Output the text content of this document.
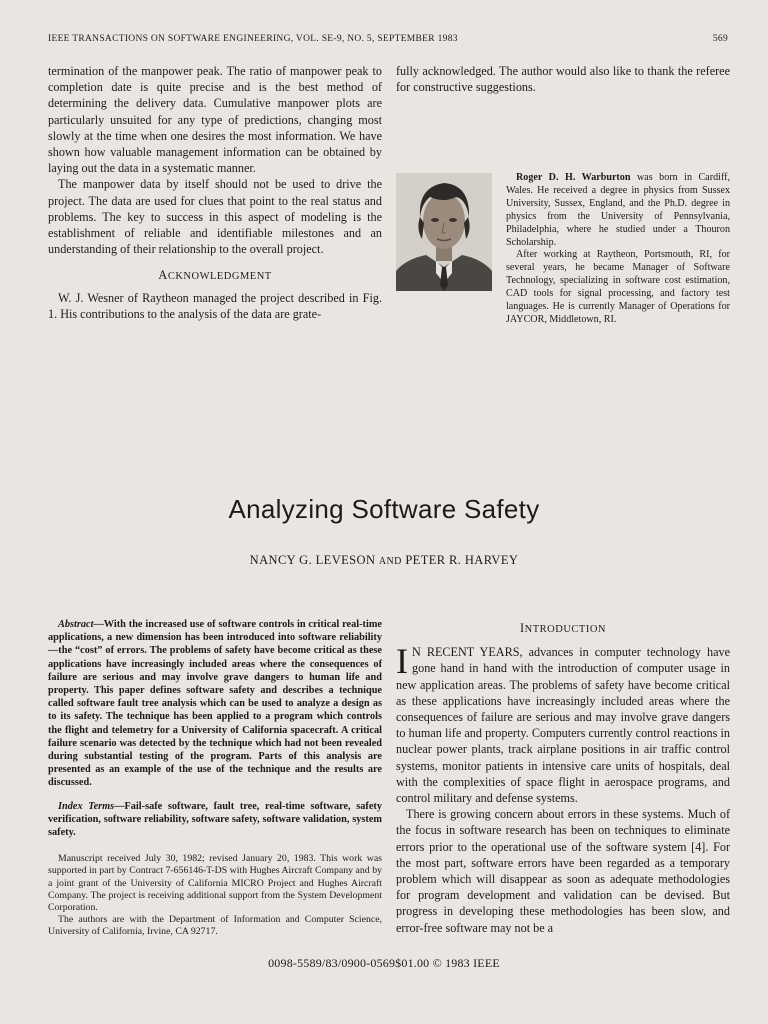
IEEE TRANSACTIONS ON SOFTWARE ENGINEERING, VOL. SE-9, NO. 5, SEPTEMBER 1983	569

termination of the manpower peak. The ratio of manpower peak to completion date is quite precise and is the best method of determining the delivery data. Cumulative manpower plots are particularly unsuited for any type of predictions, changing most slowly at the time when one desires the most information. We have shown how valuable management information can be obtained by laying out the data in a systematic manner.

The manpower data by itself should not be used to drive the project. The data are used for clues that point to the real status and problems. The key to success in this aspect of modeling is the establishment of reliable and identifiable milestones and an understanding of their relationship to the overall project.

ACKNOWLEDGMENT

W. J. Wesner of Raytheon managed the project described in Fig. 1. His contributions to the analysis of the data are grate-

fully acknowledged. The author would also like to thank the referee for constructive suggestions.

Roger D. H. Warburton was born in Cardiff, Wales. He received a degree in physics from Sussex University, Sussex, England, and the Ph.D. degree in physics from the University of Pennsylvania, Philadelphia, where he studied under a Thouron Scholarship.

After working at Raytheon, Portsmouth, RI, for several years, he became Manager of Software Technology, specializing in software cost estimation, CAD tools for signal processing, and factory test languages. He is currently Manager of Operations for JAYCOR, Middletown, RI.

Analyzing Software Safety
NANCY G. LEVESON AND PETER R. HARVEY

Abstract—With the increased use of software controls in critical real-time applications, a new dimension has been introduced into software reliability—the “cost” of errors. The problems of safety have become critical as these applications have increasingly included areas where the consequences of failure are serious and may involve grave dangers to human life and property. This paper defines software safety and describes a technique called software fault tree analysis which can be used to analyze a design as to its safety. The technique has been applied to a program which controls the flight and telemetry for a University of California spacecraft. A critical failure scenario was detected by the technique which had not been revealed during substantial testing of the program. Parts of this analysis are presented as an example of the use of the technique and the results are discussed.

Index Terms—Fail-safe software, fault tree, real-time software, safety verification, software reliability, software safety, software validation, system safety.

Manuscript received July 30, 1982; revised January 20, 1983. This work was supported in part by Contract 7-656146-T-DS with Hughes Aircraft Company and by a joint grant of the University of California MICRO Project and Hughes Aircraft Company. The project is receiving additional support from the System Development Corporation.

The authors are with the Department of Information and Computer Science, University of California, Irvine, CA 92717.

INTRODUCTION

I N RECENT YEARS, advances in computer technology have gone hand in hand with the introduction of computer usage in new application areas. The problems of safety have become critical as these applications have increasingly included areas where the consequences of failure are serious and may involve grave dangers to human life and property. Computers currently control reactions in nuclear power plants, track airplane positions in air traffic control systems, monitor patients in intensive care units of hospitals, deal with the complexities of space flight in aerospace programs, and control military and defense systems.

There is growing concern about errors in these systems. Much of the focus in software research has been on techniques to eliminate errors prior to the operational use of the software system [4]. For the most part, software errors have been regarded as a temporary problem which will disappear as soon as adequate methodologies for program development and validation can be devised. But progress in developing these methodologies has been slow, and error-free software may not be a

0098-5589/83/0900-0569$01.00 © 1983 IEEE
